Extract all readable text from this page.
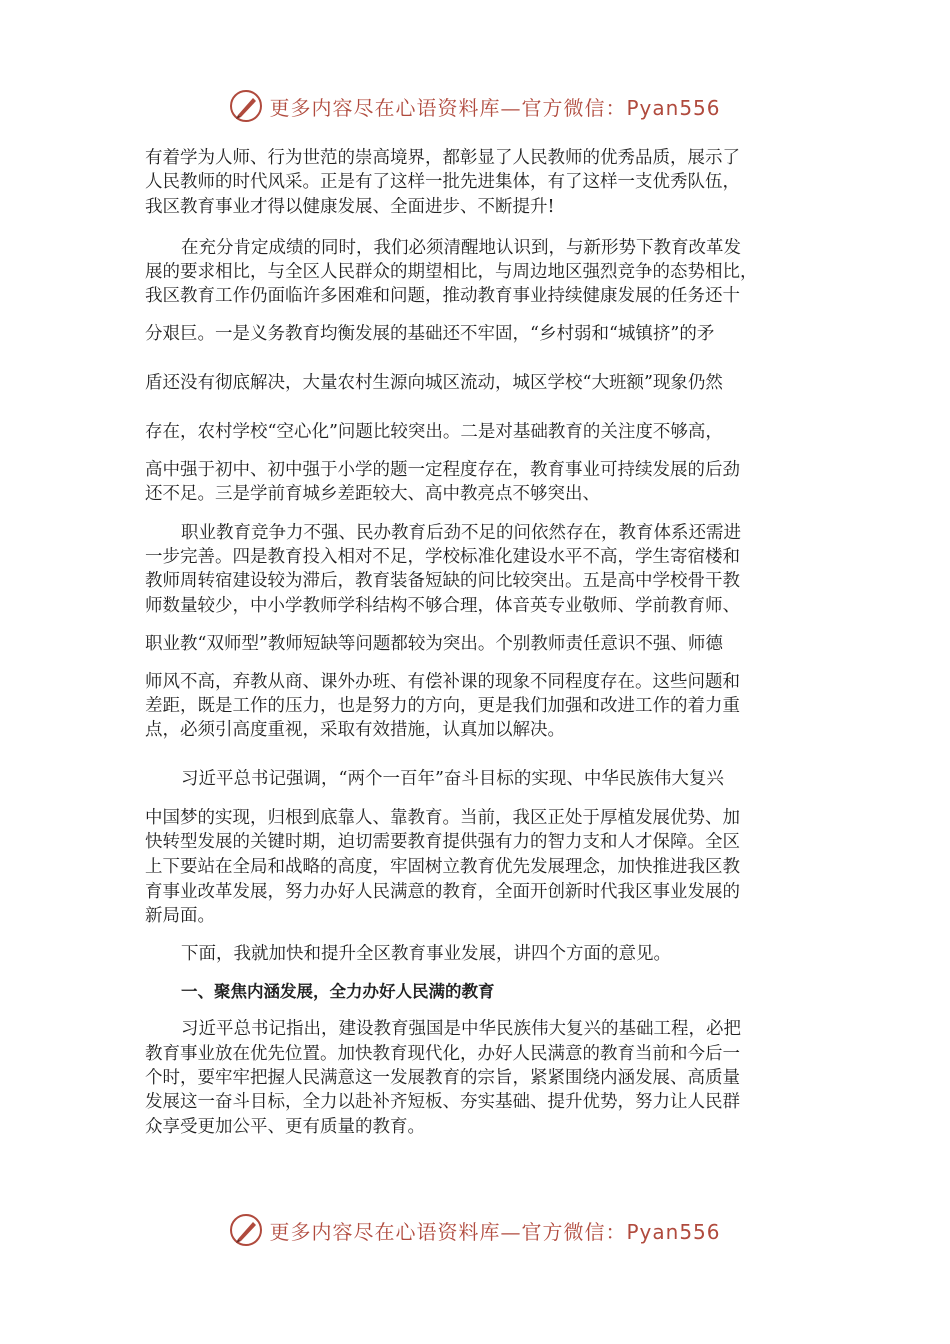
更多内容尽在心语资料库—官方微信：Pyan556
有着学为人师、行为世范的崇高境界，都彰显了人民教师的优秀品质，展示了
人民教师的时代风采。正是有了这样一批先进集体，有了这样一支优秀队伍，
我区教育事业才得以健康发展、全面进步、不断提升!
在充分肯定成绩的同时，我们必须清醒地认识到，与新形势下教育改革发
展的要求相比，与全区人民群众的期望相比，与周边地区强烈竞争的态势相比，
我区教育工作仍面临许多困难和问题，推动教育事业持续健康发展的任务还十
分艰巨。一是义务教育均衡发展的基础还不牢固，“乡村弱和“城镇挤”的矛
盾还没有彻底解决，大量农村生源向城区流动，城区学校“大班额”现象仍然
存在，农村学校“空心化”问题比较突出。二是对基础教育的关注度不够高，
高中强于初中、初中强于小学的题一定程度存在，教育事业可持续发展的后劲
还不足。三是学前育城乡差距较大、高中教亮点不够突出、
职业教育竞争力不强、民办教育后劲不足的问依然存在，教育体系还需进
一步完善。四是教育投入相对不足，学校标准化建设水平不高，学生寄宿楼和
教师周转宿建设较为滞后，教育装备短缺的问比较突出。五是高中学校骨干教
师数量较少，中小学教师学科结构不够合理，体音英专业敬师、学前教育师、
职业教“双师型”教师短缺等问题都较为突出。个别教师责任意识不强、师德
师风不高，弃教从商、课外办班、有偿补课的现象不同程度存在。这些问题和
差距，既是工作的压力，也是努力的方向，更是我们加强和改进工作的着力重
点，必须引高度重视，采取有效措施，认真加以解决。
习近平总书记强调，“两个一百年”奋斗目标的实现、中华民族伟大复兴
中国梦的实现，归根到底靠人、靠教育。当前，我区正处于厚植发展优势、加
快转型发展的关键时期，迫切需要教育提供强有力的智力支和人才保障。全区
上下要站在全局和战略的高度，牢固树立教育优先发展理念，加快推进我区教
育事业改革发展，努力办好人民满意的教育，全面开创新时代我区事业发展的
新局面。
下面，我就加快和提升全区教育事业发展，讲四个方面的意见。
一、聚焦内涵发展，全力办好人民满的教育
习近平总书记指出，建设教育强国是中华民族伟大复兴的基础工程，必把
教育事业放在优先位置。加快教育现代化，办好人民满意的教育当前和今后一
个时，要牢牢把握人民满意这一发展教育的宗旨，紧紧围绕内涵发展、高质量
发展这一奋斗目标，全力以赴补齐短板、夯实基础、提升优势，努力让人民群
众享受更加公平、更有质量的教育。
更多内容尽在心语资料库—官方微信：Pyan556
